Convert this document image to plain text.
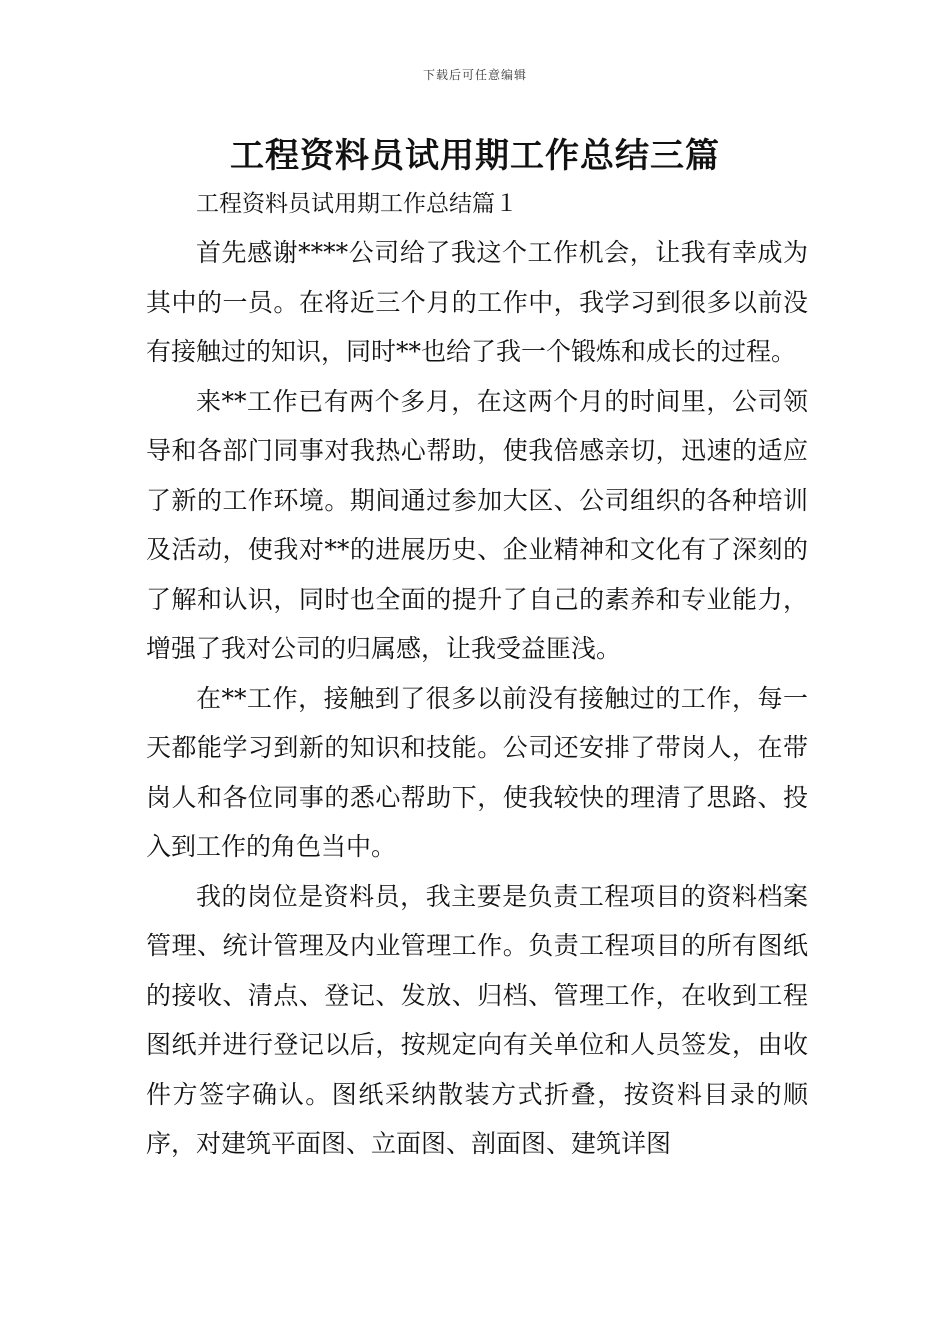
下载后可任意编辑
工程资料员试用期工作总结三篇
工程资料员试用期工作总结篇１

首先感谢****公司给了我这个工作机会，让我有幸成为其中的一员。在将近三个月的工作中，我学习到很多以前没有接触过的知识，同时**也给了我一个锻炼和成长的过程。

来**工作已有两个多月，在这两个月的时间里，公司领导和各部门同事对我热心帮助，使我倍感亲切，迅速的适应了新的工作环境。期间通过参加大区、公司组织的各种培训及活动，使我对**的进展历史、企业精神和文化有了深刻的了解和认识，同时也全面的提升了自己的素养和专业能力，增强了我对公司的归属感，让我受益匪浅。

在**工作，接触到了很多以前没有接触过的工作，每一天都能学习到新的知识和技能。公司还安排了带岗人，在带岗人和各位同事的悉心帮助下，使我较快的理清了思路、投入到工作的角色当中。

我的岗位是资料员，我主要是负责工程项目的资料档案管理、统计管理及内业管理工作。负责工程项目的所有图纸的接收、清点、登记、发放、归档、管理工作，在收到工程图纸并进行登记以后，按规定向有关单位和人员签发，由收件方签字确认。图纸采纳散装方式折叠，按资料目录的顺序，对建筑平面图、立面图、剖面图、建筑详图
